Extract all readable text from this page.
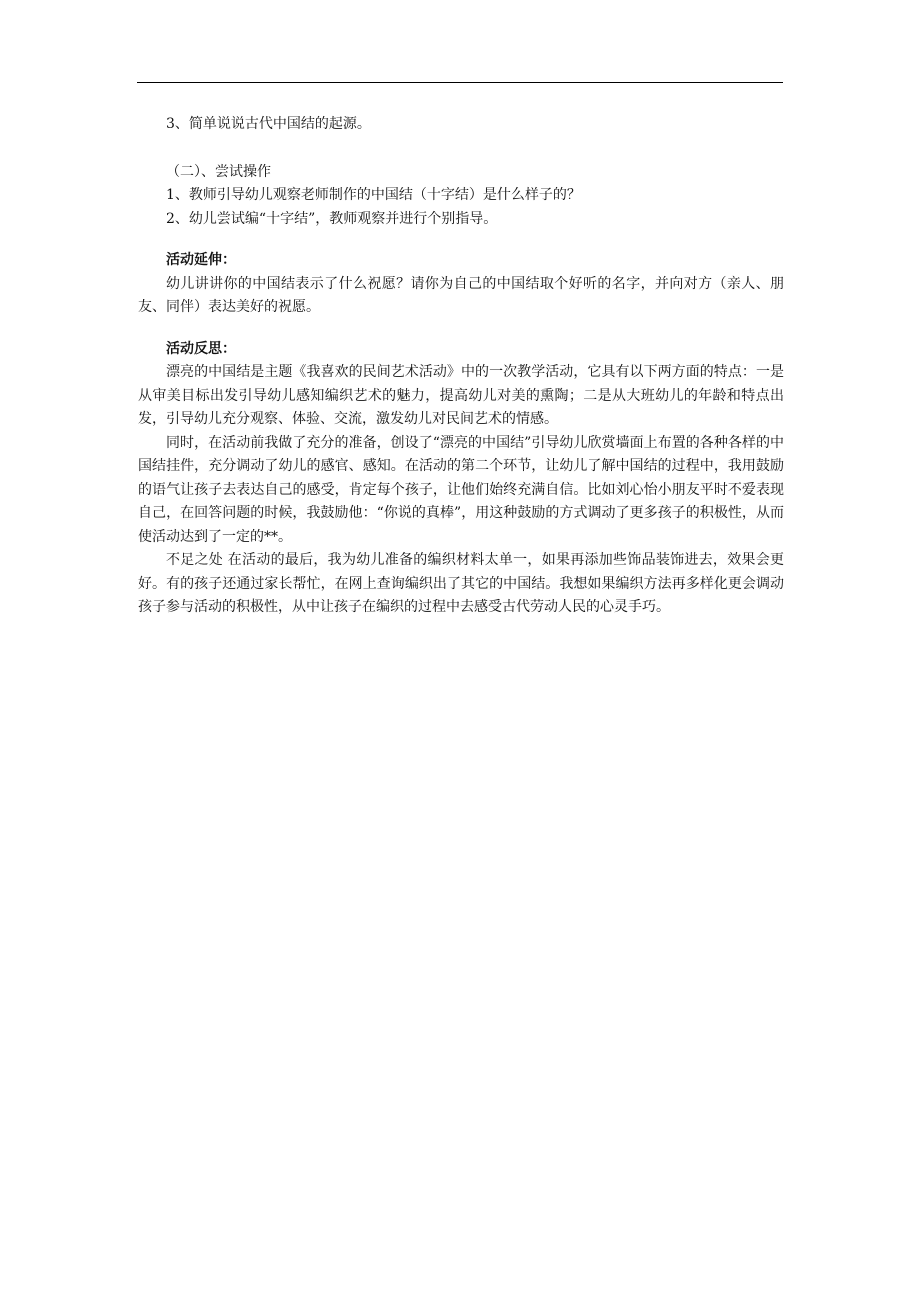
3、简单说说古代中国结的起源。

（二）、尝试操作

1、教师引导幼儿观察老师制作的中国结（十字结）是什么样子的？

2、幼儿尝试编“十字结”，教师观察并进行个别指导。

活动延伸：

幼儿讲讲你的中国结表示了什么祝愿？请你为自己的中国结取个好听的名字，并向对方（亲人、朋友、同伴）表达美好的祝愿。

活动反思：

漂亮的中国结是主题《我喜欢的民间艺术活动》中的一次教学活动，它具有以下两方面的特点：一是从审美目标出发引导幼儿感知编织艺术的魅力，提高幼儿对美的熏陶；二是从大班幼儿的年龄和特点出发，引导幼儿充分观察、体验、交流，激发幼儿对民间艺术的情感。

同时，在活动前我做了充分的准备，创设了“漂亮的中国结”引导幼儿欣赏墙面上布置的各种各样的中国结挂件，充分调动了幼儿的感官、感知。在活动的第二个环节，让幼儿了解中国结的过程中，我用鼓励的语气让孩子去表达自己的感受，肯定每个孩子，让他们始终充满自信。比如刘心怡小朋友平时不爱表现自己，在回答问题的时候，我鼓励他：“你说的真棒”，用这种鼓励的方式调动了更多孩子的积极性，从而使活动达到了一定的**。

不足之处 在活动的最后，我为幼儿准备的编织材料太单一，如果再添加些饰品装饰进去，效果会更好。有的孩子还通过家长帮忙，在网上查询编织出了其它的中国结。我想如果编织方法再多样化更会调动孩子参与活动的积极性，从中让孩子在编织的过程中去感受古代劳动人民的心灵手巧。
